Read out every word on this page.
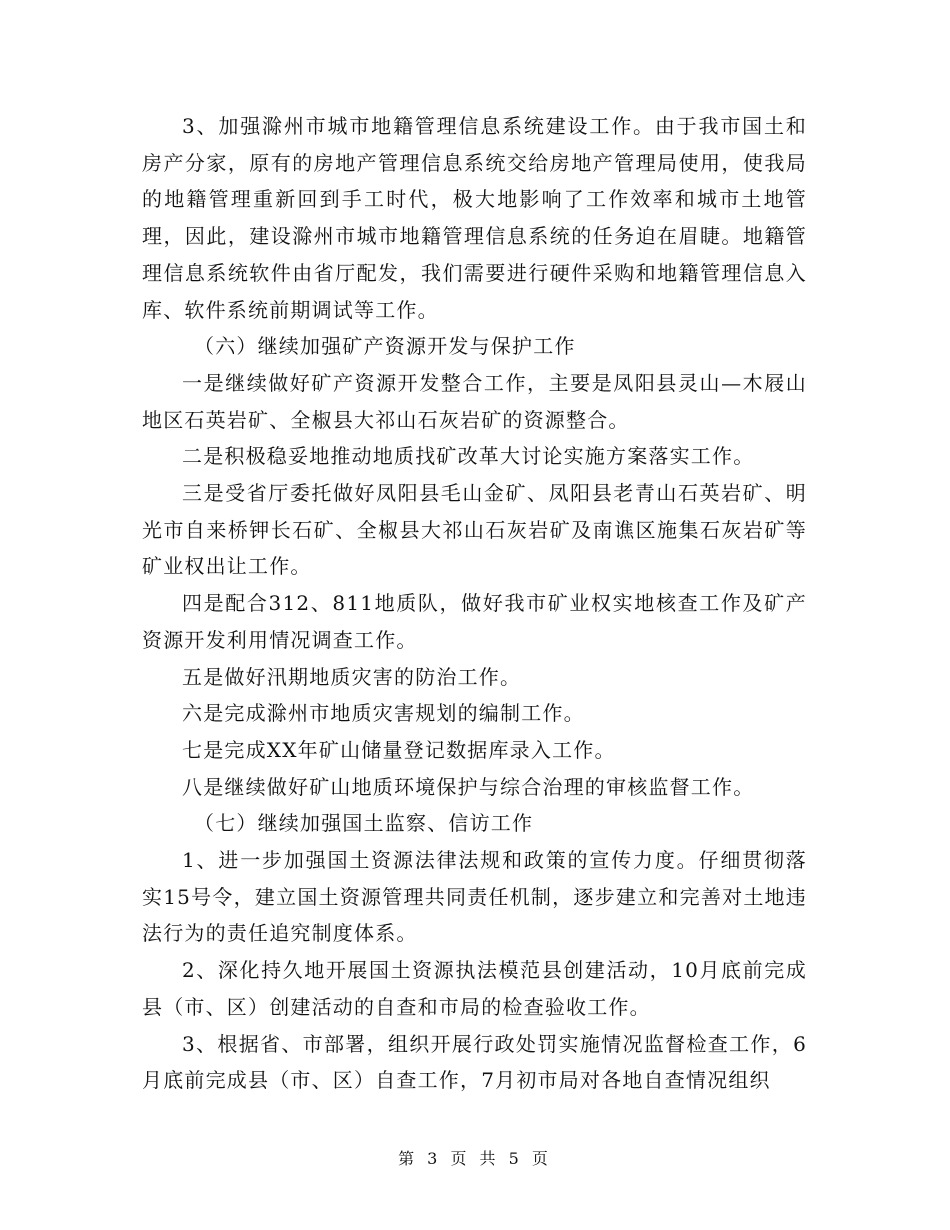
3、加强滁州市城市地籍管理信息系统建设工作。由于我市国土和房产分家，原有的房地产管理信息系统交给房地产管理局使用，使我局的地籍管理重新回到手工时代，极大地影响了工作效率和城市土地管理，因此，建设滁州市城市地籍管理信息系统的任务迫在眉睫。地籍管理信息系统软件由省厅配发，我们需要进行硬件采购和地籍管理信息入库、软件系统前期调试等工作。

（六）继续加强矿产资源开发与保护工作

一是继续做好矿产资源开发整合工作，主要是凤阳县灵山—木屐山地区石英岩矿、全椒县大祁山石灰岩矿的资源整合。

二是积极稳妥地推动地质找矿改革大讨论实施方案落实工作。

三是受省厅委托做好凤阳县毛山金矿、凤阳县老青山石英岩矿、明光市自来桥钾长石矿、全椒县大祁山石灰岩矿及南谯区施集石灰岩矿等矿业权出让工作。

四是配合312、811地质队，做好我市矿业权实地核查工作及矿产资源开发利用情况调查工作。

五是做好汛期地质灾害的防治工作。

六是完成滁州市地质灾害规划的编制工作。

七是完成XX年矿山储量登记数据库录入工作。

八是继续做好矿山地质环境保护与综合治理的审核监督工作。

（七）继续加强国土监察、信访工作

1、进一步加强国土资源法律法规和政策的宣传力度。仔细贯彻落实15号令，建立国土资源管理共同责任机制，逐步建立和完善对土地违法行为的责任追究制度体系。

2、深化持久地开展国土资源执法模范县创建活动，10月底前完成县（市、区）创建活动的自查和市局的检查验收工作。

3、根据省、市部署，组织开展行政处罚实施情况监督检查工作，6月底前完成县（市、区）自查工作，7月初市局对各地自查情况组织

第 3 页 共 5 页
